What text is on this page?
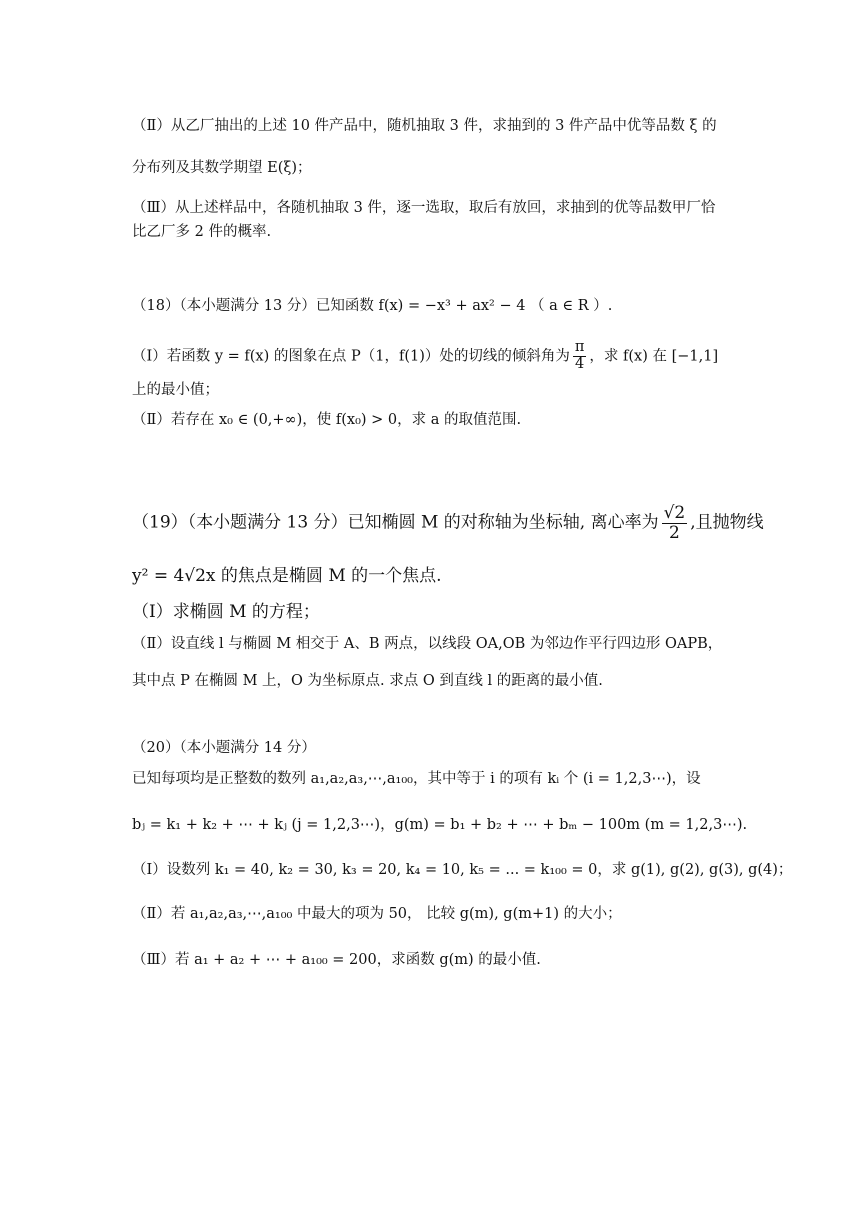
（Ⅱ）从乙厂抽出的上述 10 件产品中，随机抽取 3 件，求抽到的 3 件产品中优等品数 ξ 的
分布列及其数学期望 E(ξ)；
（Ⅲ）从上述样品中，各随机抽取 3 件，逐一选取，取后有放回，求抽到的优等品数甲厂恰
比乙厂多 2 件的概率.
（18）（本小题满分 13 分）已知函数 f(x) = −x³ + ax² − 4 （ a ∈ R ）.
（Ⅰ）若函数 y = f(x) 的图象在点 P（1，f(1)）处的切线的倾斜角为 $\frac{\pi}{4}$ ，求 f(x) 在 [−1,1]
上的最小值；
（Ⅱ）若存在 x₀ ∈ (0,+∞)，使 f(x₀) > 0，求 a 的取值范围.
（19）（本小题满分 13 分）已知椭圆 M 的对称轴为坐标轴, 离心率为 $\frac{√2}{2}$ ,且抛物线
y² = 4√2x 的焦点是椭圆 M 的一个焦点.
（Ⅰ）求椭圆 M 的方程；
（Ⅱ）设直线 l 与椭圆 M 相交于 A、B 两点，以线段 OA,OB 为邻边作平行四边形 OAPB，
其中点 P 在椭圆 M 上，O 为坐标原点. 求点 O 到直线 l 的距离的最小值.
（20）（本小题满分 14 分）
已知每项均是正整数的数列 a₁,a₂,a₃,⋯,a₁₀₀，其中等于 i 的项有 kᵢ 个 (i = 1,2,3⋯)，设
bⱼ = k₁ + k₂ + ⋯ + kⱼ (j = 1,2,3⋯)，g(m) = b₁ + b₂ + ⋯ + bₘ − 100m (m = 1,2,3⋯).
（Ⅰ）设数列 k₁ = 40, k₂ = 30, k₃ = 20, k₄ = 10, k₅ = ... = k₁₀₀ = 0，求 g(1), g(2), g(3), g(4)；
（Ⅱ）若 a₁,a₂,a₃,⋯,a₁₀₀ 中最大的项为 50， 比较 g(m), g(m+1) 的大小；
（Ⅲ）若 a₁ + a₂ + ⋯ + a₁₀₀ = 200，求函数 g(m) 的最小值.
